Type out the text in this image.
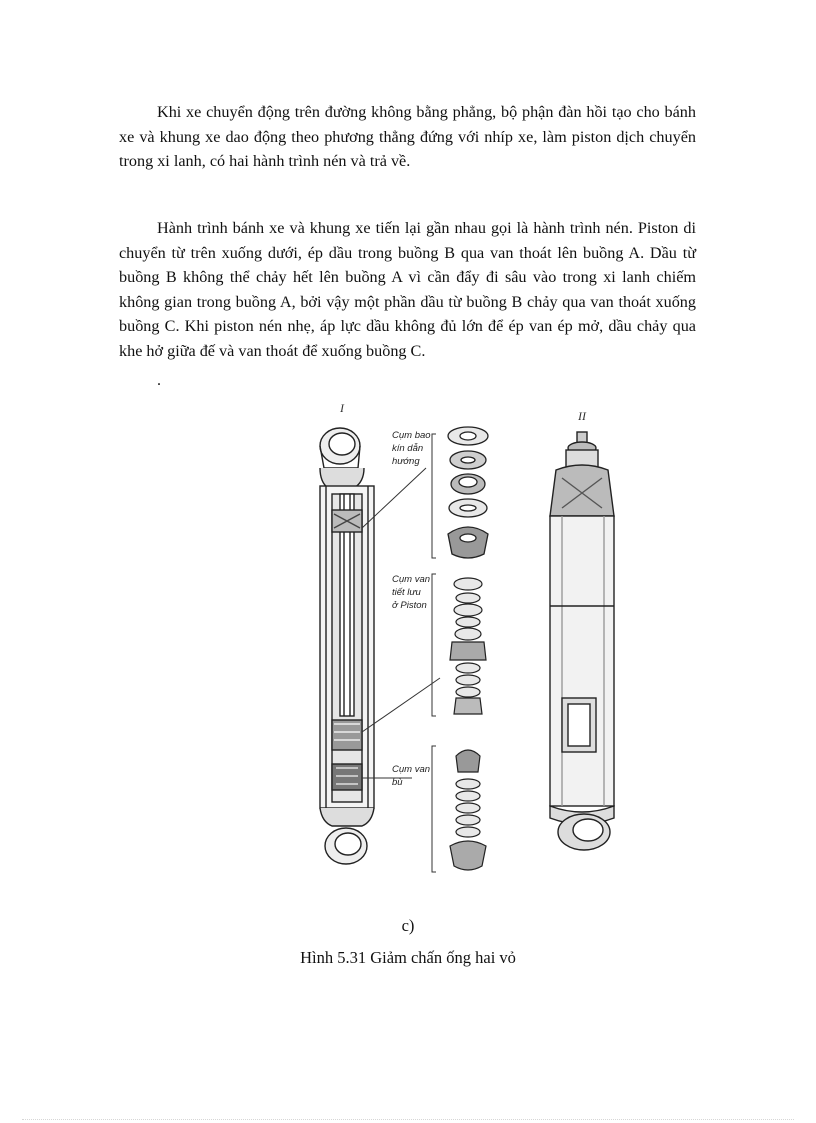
Khi xe chuyển động trên đường không bằng phẳng, bộ phận đàn hồi tạo cho bánh xe và khung xe dao động theo phương thẳng đứng với nhíp xe, làm piston dịch chuyển trong xi lanh, có hai hành trình nén và trả về.

Hành trình bánh xe và khung xe tiến lại gần nhau gọi là hành trình nén. Piston di chuyển từ trên xuống dưới, ép dầu trong buồng B qua van thoát lên buồng A. Dầu từ buồng B không thể chảy hết lên buồng A vì cần đẩy đi sâu vào trong xi lanh chiếm không gian trong buồng A, bởi vậy một phần dầu từ buồng B chảy qua van thoát xuống buồng C. Khi piston nén nhẹ, áp lực dầu không đủ lớn để ép van ép mở, dầu chảy qua khe hở giữa đế và van thoát để xuống buồng C.

.
I
II
Cụm bao
kín dẫn
hướng
Cụm van
tiết lưu
ở Piston
Cụm van
bù
c)
Hình 5.31 Giảm chấn ống hai vỏ
